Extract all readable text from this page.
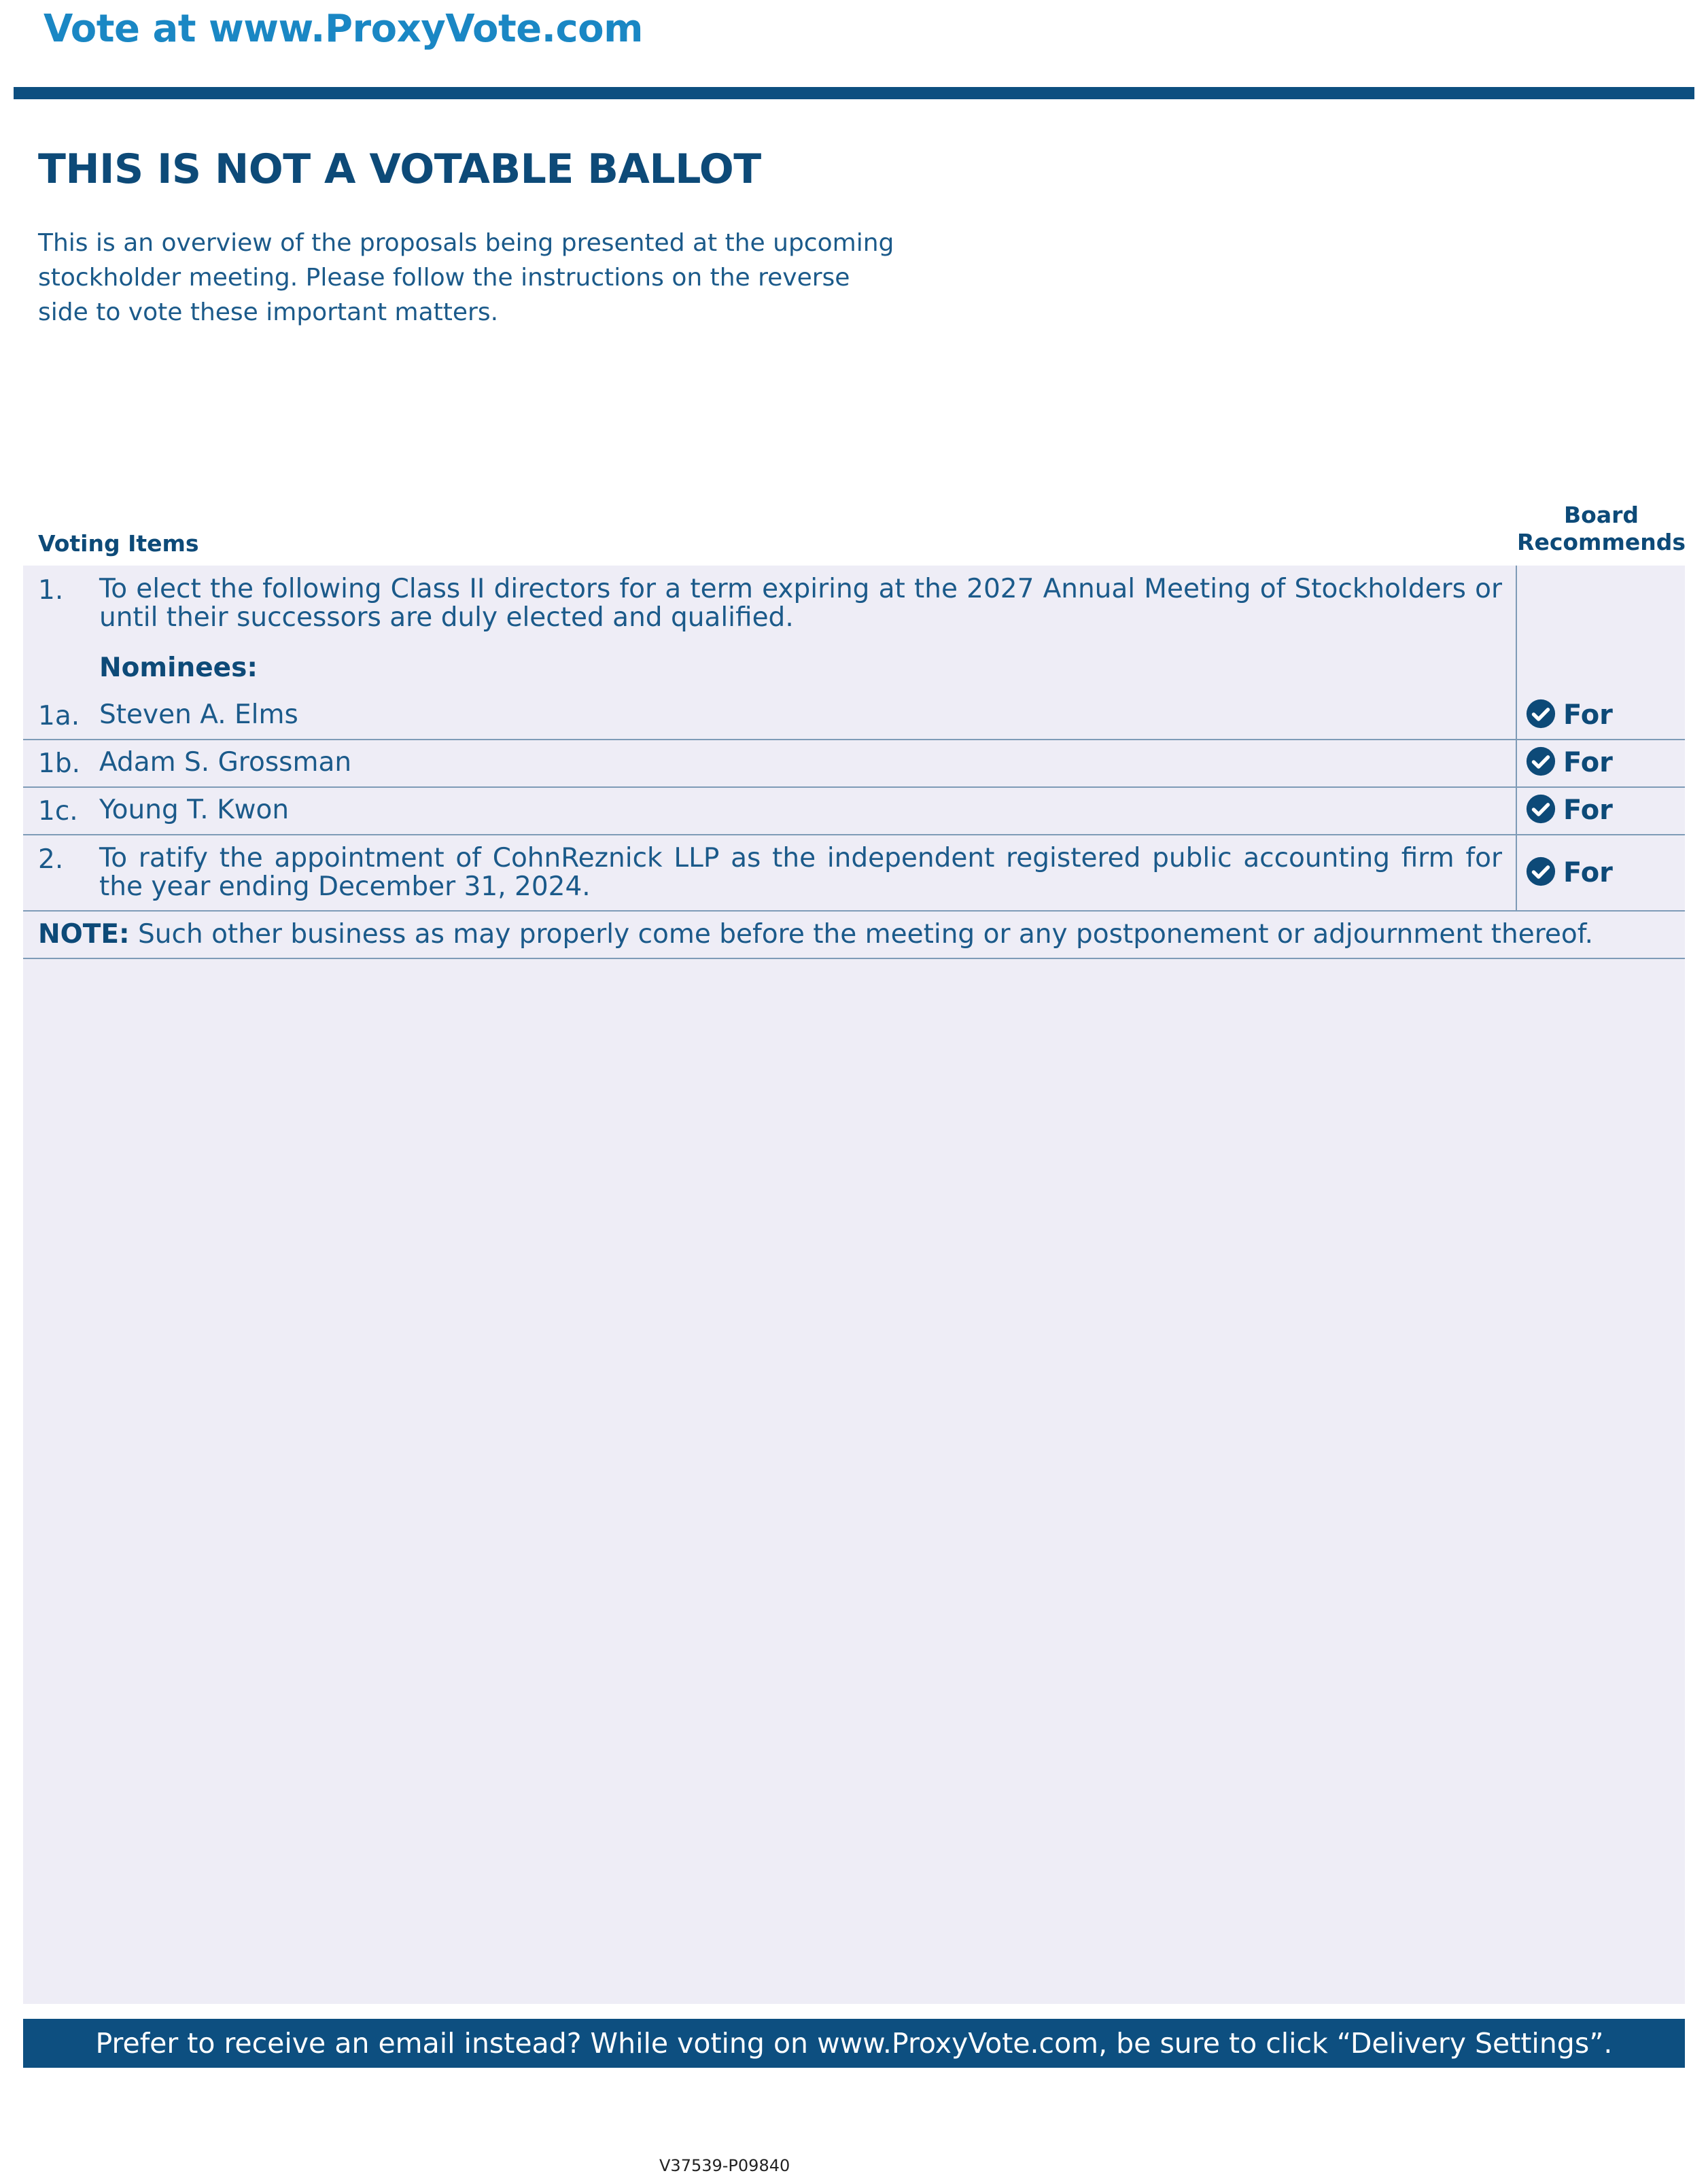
Vote at www.ProxyVote.com
THIS IS NOT A VOTABLE BALLOT
This is an overview of the proposals being presented at the upcoming stockholder meeting. Please follow the instructions on the reverse side to vote these important matters.
Voting Items
Board Recommends
1. To elect the following Class II directors for a term expiring at the 2027 Annual Meeting of Stockholders or until their successors are duly elected and qualified.
Nominees:
1a. Steven A. Elms	For
1b. Adam S. Grossman	For
1c. Young T. Kwon	For
2. To ratify the appointment of CohnReznick LLP as the independent registered public accounting firm for the year ending December 31, 2024.	For
NOTE: Such other business as may properly come before the meeting or any postponement or adjournment thereof.
Prefer to receive an email instead? While voting on www.ProxyVote.com, be sure to click “Delivery Settings”.
V37539-P09840
